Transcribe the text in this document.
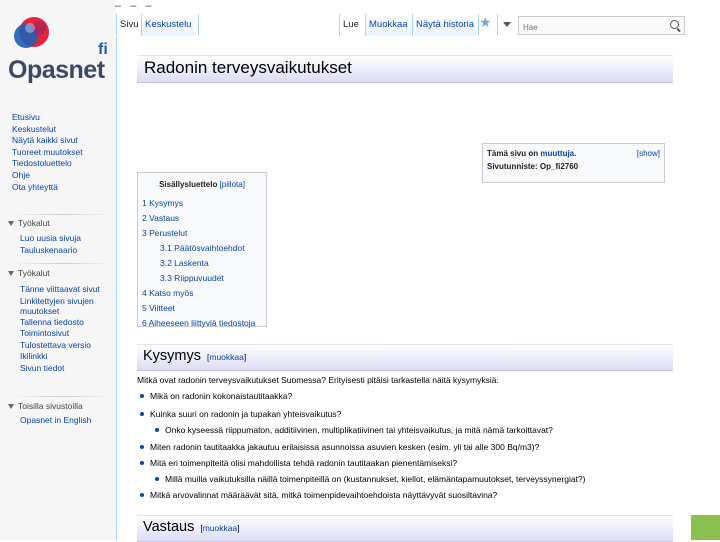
fi
Opasnet
Etusivu
Keskustelut
Näytä kaikki sivut
Tuoreet muutokset
Tiedostoluettelo
Ohje
Ota yhteyttä
Työkalut
Luo uusia sivuja
Tauluskenaario
Työkalut
Tänne viittaavat sivut
Linkitettyjen sivujen muutokset
Tallenna tiedosto
Toimintosivut
Tulostettava versio
Ikilinkki
Sivun tiedot
Toisilla sivustoilla
Opasnet in English
– – –
Sivu Keskustelu	Lue	Muokkaa Näytä historia ★
Hae
Radonin terveysvaikutukset
Tämä sivu on muuttuja.
Sivutunniste: Op_fi2760
[show]
Sisällysluettelo [piilota]
1 Kysymys
2 Vastaus
3 Perustelut
3.1 Päätösvaihtoehdot
3.2 Laskenta
3.3 Riippuvuudet
4 Katso myös
5 Viitteet
6 Aiheeseen liittyviä tiedostoja
Kysymys [muokkaa]
Mitkä ovat radonin terveysvaikutukset Suomessa? Erityisesti pitäisi tarkastella näitä kysymyksiä:
Mikä on radonin kokonaistautitaakka?
Kuinka suuri on radonin ja tupakan yhteisvaikutus?
Onko kyseessä riippumaton, additiivinen, multiplikatiivinen tai yhteisvaikutus, ja mitä nämä tarkoittavat?
Miten radonin tautitaakka jakautuu erilaisissa asunnoissa asuvien kesken (esim. yli tai alle 300 Bq/m3)?
Mitä eri toimenpiteitä olisi mahdollista tehdä radonin tautitaakan pienentämiseksi?
Millä muilla vaikutuksilla näillä toimenpiteillä on (kustannukset, kiellot, elämäntapamuutokset, terveyssynergiat?)
Mitkä arvovalinnat määräävät sitä, mitkä toimenpidevaihtoehdoista näyttävyvät suosiltavina?
Vastaus [muokkaa]
